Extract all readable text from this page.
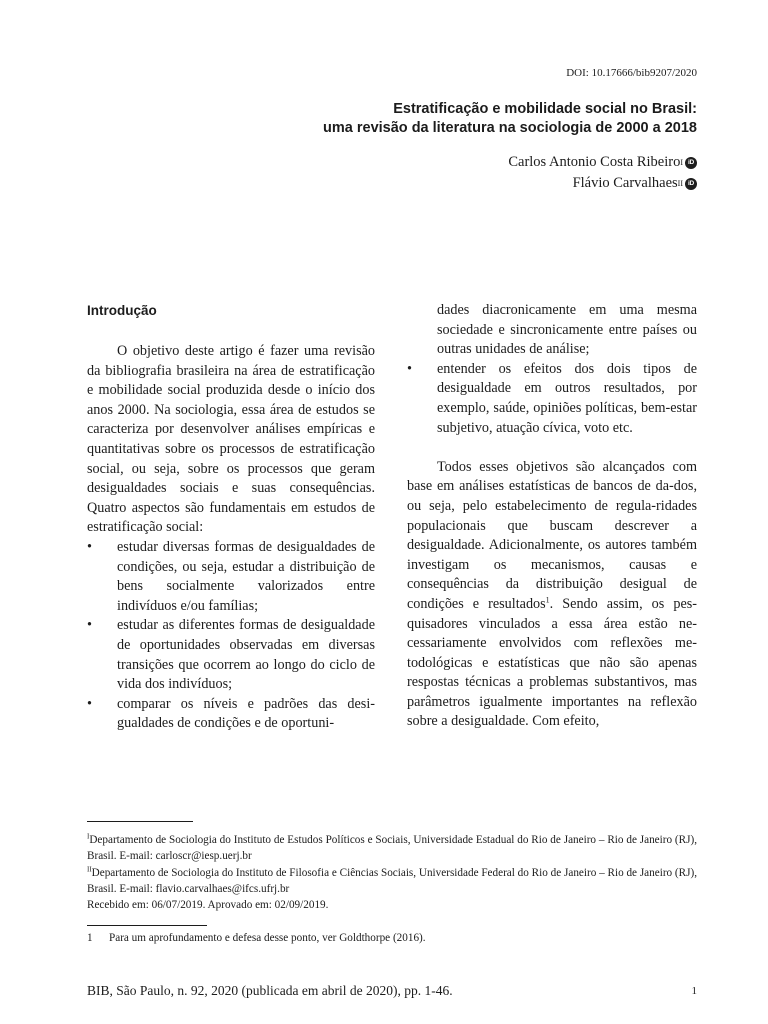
DOI: 10.17666/bib9207/2020
Estratificação e mobilidade social no Brasil:
uma revisão da literatura na sociologia de 2000 a 2018
Carlos Antonio Costa Ribeiro I iD
Flávio Carvalhaes II iD
Introdução
O objetivo deste artigo é fazer uma revisão da bibliografia brasileira na área de estratificação e mobilidade social produzida desde o início dos anos 2000. Na sociologia, essa área de estudos se caracteriza por desenvolver análises empíricas e quantitativas sobre os processos de estratificação social, ou seja, sobre os processos que geram desigualdades sociais e suas consequências. Quatro aspectos são fundamentais em estudos de estratificação social:
• estudar diversas formas de desigualdades de condições, ou seja, estudar a distribuição de bens socialmente valorizados entre indivíduos e/ou famílias;
• estudar as diferentes formas de desigualdade de oportunidades observadas em diversas transições que ocorrem ao longo do ciclo de vida dos indivíduos;
• comparar os níveis e padrões das desi-gualdades de condições e de oportuni-
dades diacronicamente em uma mesma sociedade e sincronicamente entre países ou outras unidades de análise;
• entender os efeitos dos dois tipos de desigualdade em outros resultados, por exemplo, saúde, opiniões políticas, bem-estar subjetivo, atuação cívica, voto etc.
Todos esses objetivos são alcançados com base em análises estatísticas de bancos de da-dos, ou seja, pelo estabelecimento de regula-ridades populacionais que buscam descrever a desigualdade. Adicionalmente, os autores também investigam os mecanismos, causas e consequências da distribuição desigual de condições e resultados$^1$. Sendo assim, os pes-quisadores vinculados a essa área estão ne-cessariamente envolvidos com reflexões me-todológicas e estatísticas que não são apenas respostas técnicas a problemas substantivos, mas parâmetros igualmente importantes na reflexão sobre a desigualdade. Com efeito,

$^I$Departamento de Sociologia do Instituto de Estudos Políticos e Sociais, Universidade Estadual do Rio de Janeiro – Rio de Janeiro (RJ), Brasil. E-mail: carloscr@iesp.uerj.br

$^{II}$Departamento de Sociologia do Instituto de Filosofia e Ciências Sociais, Universidade Federal do Rio de Janeiro – Rio de Janeiro (RJ), Brasil. E-mail: flavio.carvalhaes@ifcs.ufrj.br

Recebido em: 06/07/2019. Aprovado em: 02/09/2019.

1 Para um aprofundamento e defesa desse ponto, ver Goldthorpe (2016).
BIB, São Paulo, n. 92, 2020 (publicada em abril de 2020), pp. 1-46.	1
